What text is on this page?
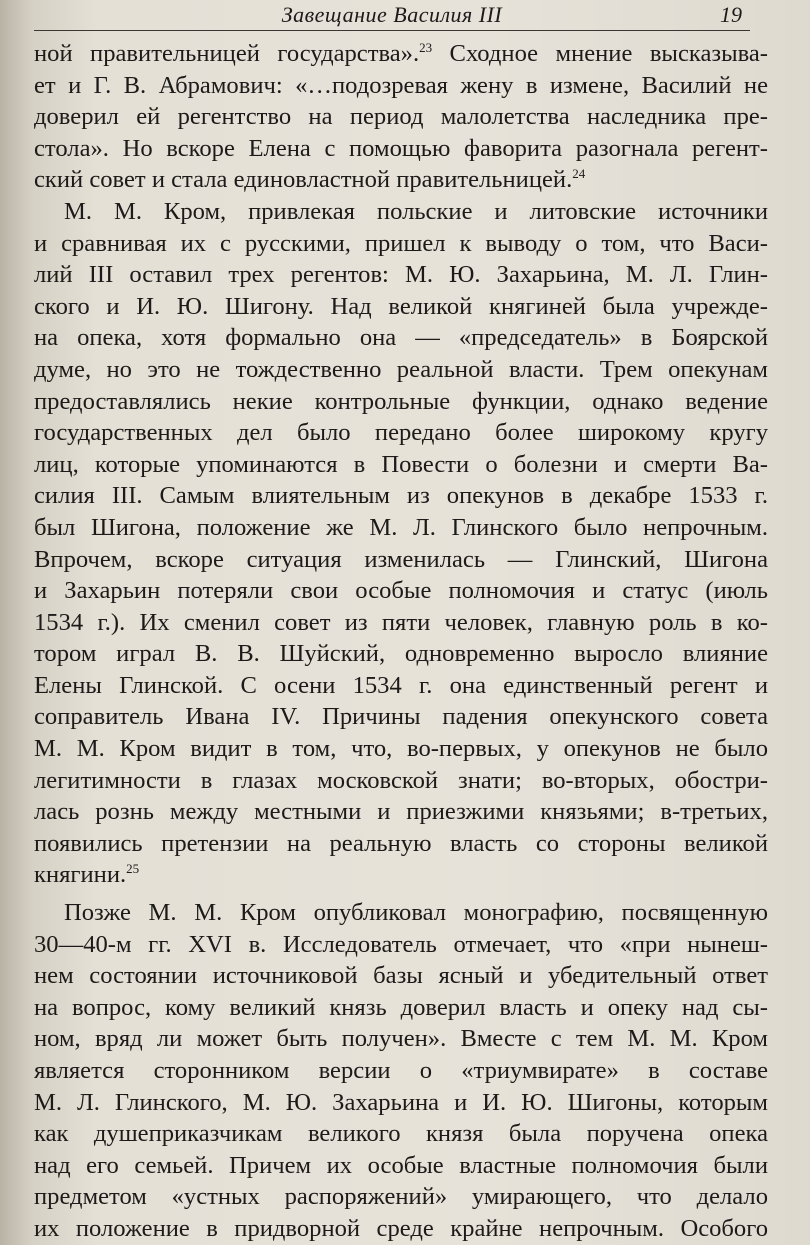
Завещание Василия III	19
ной правительницей государства».$^{23}$ Сходное мнение высказыва-
ет и Г. В. Абрамович: «…подозревая жену в измене, Василий не
доверил ей регентство на период малолетства наследника пре-
стола». Но вскоре Елена с помощью фаворита разогнала регент-
ский совет и стала единовластной правительницей.$^{24}$
М. М. Кром, привлекая польские и литовские источники
и сравнивая их с русскими, пришел к выводу о том, что Васи-
лий III оставил трех регентов: М. Ю. Захарьина, М. Л. Глин-
ского и И. Ю. Шигону. Над великой княгиней была учрежде-
на опека, хотя формально она — «председатель» в Боярской
думе, но это не тождественно реальной власти. Трем опекунам
предоставлялись некие контрольные функции, однако ведение
государственных дел было передано более широкому кругу
лиц, которые упоминаются в Повести о болезни и смерти Ва-
силия III. Самым влиятельным из опекунов в декабре 1533 г.
был Шигона, положение же М. Л. Глинского было непрочным.
Впрочем, вскоре ситуация изменилась — Глинский, Шигона
и Захарьин потеряли свои особые полномочия и статус (июль
1534 г.). Их сменил совет из пяти человек, главную роль в ко-
тором играл В. В. Шуйский, одновременно выросло влияние
Елены Глинской. С осени 1534 г. она единственный регент и
соправитель Ивана IV. Причины падения опекунского совета
М. М. Кром видит в том, что, во-первых, у опекунов не было
легитимности в глазах московской знати; во-вторых, обостри-
лась рознь между местными и приезжими князьями; в-третьих,
появились претензии на реальную власть со стороны великой
княгини.$^{25}$
Позже М. М. Кром опубликовал монографию, посвященную
30—40-м гг. XVI в. Исследователь отмечает, что «при нынеш-
нем состоянии источниковой базы ясный и убедительный ответ
на вопрос, кому великий князь доверил власть и опеку над сы-
ном, вряд ли может быть получен». Вместе с тем М. М. Кром
является сторонником версии о «триумвирате» в составе
М. Л. Глинского, М. Ю. Захарьина и И. Ю. Шигоны, которым
как душеприказчикам великого князя была поручена опека
над его семьей. Причем их особые властные полномочия были
предметом «устных распоряжений» умирающего, что делало
их положение в придворной среде крайне непрочным. Особого
